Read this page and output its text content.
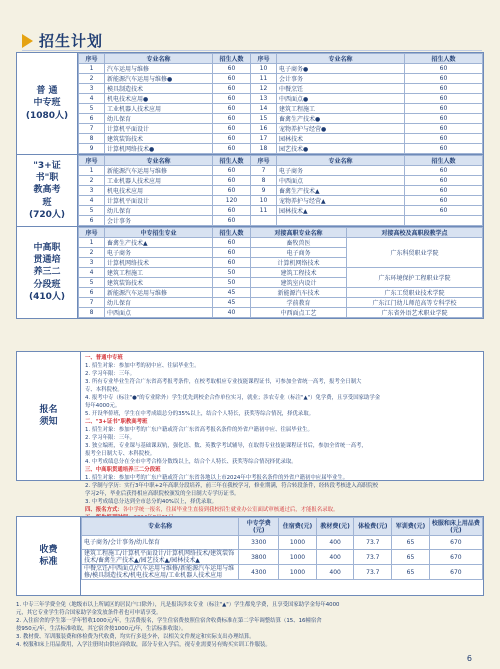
招生计划
普 通
中专班
(1080人)
序号	专业名称	招生人数	序号	专业名称	招生人数
1	汽车运用与维修	60	10	电子商务●	60
2	新能源汽车运用与维修●	60	11	会计事务	60
3	模具制造技术	60	12	中餐烹饪	60
4	机电技术应用●	60	13	中西面点●	60
5	工业机器人技术应用	60	14	建筑工程施工	60
6	幼儿保育	60	15	畜禽生产技术●	60
7	计算机平面设计	60	16	宠物养护与经营●	60
8	建筑装饰技术	60	17	园林技术	60
9	计算机网络技术●	60	18	园艺技术●	60
"3+证
书"职
教高考
班
(720人)
序号	专业名称	招生人数	序号	专业名称	招生人数
1	新能源汽车运用与维修	60	7	电子商务	60
2	工业机器人技术应用	60	8	中西面点	60
3	机电技术应用	60	9	畜禽生产技术▲	60
4	计算机平面设计	120	10	宠物养护与经营▲	60
5	幼儿保育	60	11	园林技术▲	60
6	会计事务	60			
中高职
贯通培
养三二
分段班
(410人)
序号	中专招生专业	招生人数	对接高职专业名称	对接高校及高职段教学点
1	畜禽生产技术▲	60	畜牧兽医	广东科贸职业学院
2	电子商务	60	电子商务	
3	计算机网络技术	60	计算机网络技术	
4	建筑工程施工	50	建筑工程技术	广东环境保护工程职业学院
5	建筑装饰技术	50	建筑室内设计	
6	新能源汽车运用与维修	45	新能源汽车技术	广东工贸职业技术学院
7	幼儿保育	45	学前教育	广东江门幼儿师范高等专科学校
8	中西面点	40	中西面点工艺	广东省外语艺术职业学院
报名
须知
一、普通中专班
1. 招生对象：参加中考的初中应、往届毕业生。
2. 学习年限：三年。
3. 所有专业毕业生符合广东省高考报考条件，在校考取相应专业技能课程证书，可参加全省统一高考，报考全日制大
专、本科院校。
4. 报考中专（标注"●"的专业除外）学生优先到校企合作单位实习，就业；涉农专业（标注"▲"）免学费，且享受国家助学金
每年4000元。
5. 开设华侨班，学生在中考成绩总分的35%以上，结合个人特长，获奖等综合情况，择优录取。
二、"3+证书"职教高考班
1. 招生对象：参加中考的广东户籍或符合广东省高考报名条件的外省户籍初中应、往届毕业生。
2. 学习年限：三年。
3. 独立编班，专业课与基础课双轨，强化语、数、英教学考试辅导，在取得专业技能课程证书后，参加全省统一高考，
报考全日制大专、本科院校。
4. 中考成绩总分在全市中考合格分数线以上，结合个人特长、获奖等综合情况择优录取。
三、中高职贯通培养三二分段班
1. 招生对象：参加中考的广东户籍或符合广东省各地以上市2024年中考报名条件的外省户籍初中应届毕业生。
2. 学制与学历：实行3年中职+2年高职分段培养，前三年在我校学习，修业期满，符合转段条件，经转段考核进入高职院校
学习2年，毕业后获得相应高职院校颁发的全日制大专学历证书。
3. 中考成绩总分达到全市总分的40%以上，择优录取。
四、报名方式：各中学统一报名，往届毕业生直接到我校招生就业办公室面试审核通过后，才能报名录取。

收费
标准
专业名称	中专学费(元)	住宿费(元)	教材费(元)	体检费(元)	军训费(元)	校服和床上用品费(元)
电子商务/会计事务/幼儿保育	3300	1000	400	73.7	65	670
建筑工程施工/计算机平面设计/计算机网络技术/建筑装饰技术/畜禽生产技术▲/园艺技术▲/园林技术▲	3800	1000	400	73.7	65	670
中餐烹饪/中西面点/汽车运用与维修/新能源汽车运用与维修/模具制造技术/机电技术应用/工业机器人技术应用	4300	1000	400	73.7	65	670
1. 中专三年学费全免（地级市以上所属区的居民户口除外），凡是报读涉农专业（标注"▲"）学生都免学费，且享受国家助学金每年4000
元，其它专业学生符合国家助学金发放条件者也可申请享受。
2. 入住宿舍的学生第一学年暂收1000元/年，生活费报名，学生住宿费按照住宿舍收费标准在第二学年调整结算（15、16幢宿舍
按950元/年，生活标准收取，其它宿舍按1000元/年，生活标准收取）。
3. 教材费、军训服装费和体检费为代收费，均实行多退少补，以相关文件规定和实际支出办理结算。
4. 校服和床上用品费用，入学注册时由供应商收取，部分专业入学后，视专业需要另有购买实训工作服装。
6
